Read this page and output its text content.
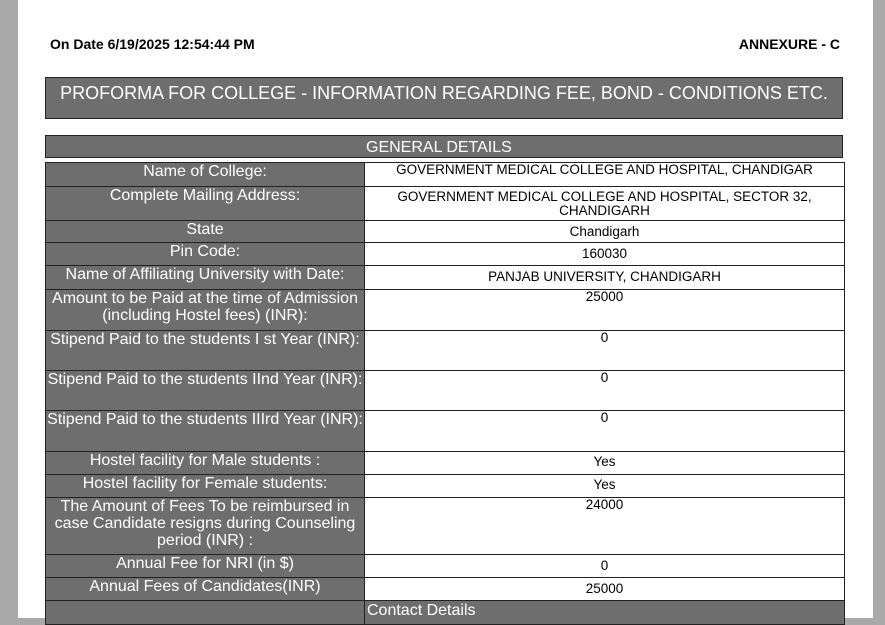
On Date 6/19/2025 12:54:44 PM	ANNEXURE - C
PROFORMA FOR COLLEGE - INFORMATION REGARDING FEE, BOND - CONDITIONS ETC.
GENERAL DETAILS
Name of College:	GOVERNMENT MEDICAL COLLEGE AND HOSPITAL, CHANDIGAR
Complete Mailing Address:	GOVERNMENT MEDICAL COLLEGE AND HOSPITAL, SECTOR 32, CHANDIGARH
State	Chandigarh
Pin Code:	160030
Name of Affiliating University with Date:	PANJAB UNIVERSITY, CHANDIGARH
Amount to be Paid at the time of Admission (including Hostel fees) (INR):	25000
Stipend Paid to the students I st Year (INR):	0
Stipend Paid to the students IInd Year (INR):	0
Stipend Paid to the students IIIrd Year (INR):	0
Hostel facility for Male students :	Yes
Hostel facility for Female students:	Yes
The Amount of Fees To be reimbursed in case Candidate resigns during Counseling period (INR) :	24000
Annual Fee for NRI (in $)	0
Annual Fees of Candidates(INR)	25000
	Contact Details
